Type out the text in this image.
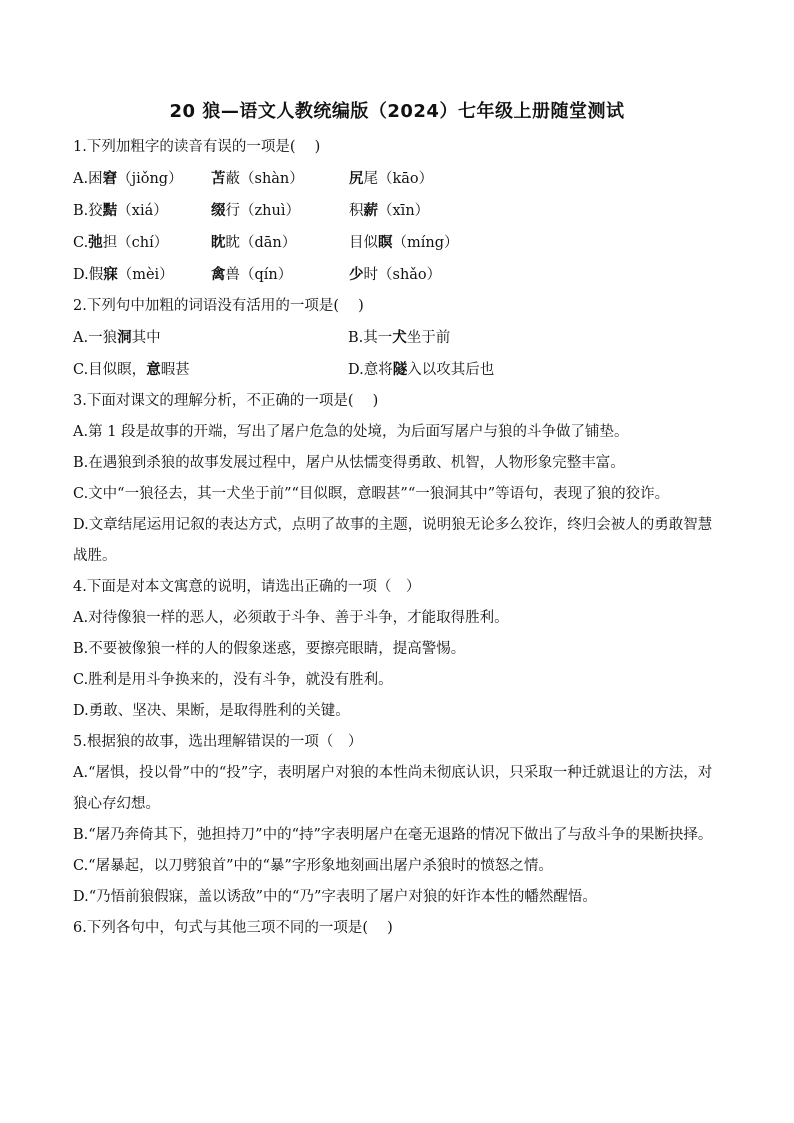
20 狼—语文人教统编版（2024）七年级上册随堂测试
1.下列加粗字的读音有误的一项是(　 )
A.困窘（jiǒng）	苫蔽（shàn）	尻尾（kāo）
B.狡黠（xiá）	缀行（zhuì）	积薪（xīn）
C.弛担（chí）	眈眈（dān）	目似瞑（míng）
D.假寐（mèi）	禽兽（qín）	少时（shǎo）
2.下列句中加粗的词语没有活用的一项是(　 )
A.一狼洞其中	B.其一犬坐于前
C.目似瞑，意暇甚	D.意将隧入以攻其后也
3.下面对课文的理解分析，不正确的一项是(　 )
A.第 1 段是故事的开端，写出了屠户危急的处境，为后面写屠户与狼的斗争做了铺垫。
B.在遇狼到杀狼的故事发展过程中，屠户从怯懦变得勇敢、机智，人物形象完整丰富。
C.文中“一狼径去，其一犬坐于前”“目似瞑，意暇甚”“一狼洞其中”等语句，表现了狼的狡诈。
D.文章结尾运用记叙的表达方式，点明了故事的主题，说明狼无论多么狡诈，终归会被人的勇敢智慧战胜。
4.下面是对本文寓意的说明，请选出正确的一项（　）
A.对待像狼一样的恶人，必须敢于斗争、善于斗争，才能取得胜利。
B.不要被像狼一样的人的假象迷惑，要擦亮眼睛，提高警惕。
C.胜利是用斗争换来的，没有斗争，就没有胜利。
D.勇敢、坚决、果断，是取得胜利的关键。
5.根据狼的故事，选出理解错误的一项（　）
A.“屠惧，投以骨”中的“投”字，表明屠户对狼的本性尚未彻底认识，只采取一种迁就退让的方法，对狼心存幻想。
B.“屠乃奔倚其下，弛担持刀”中的“持”字表明屠户在毫无退路的情况下做出了与敌斗争的果断抉择。
C.“屠暴起，以刀劈狼首”中的“暴”字形象地刻画出屠户杀狼时的愤怒之情。
D.“乃悟前狼假寐，盖以诱敌”中的“乃”字表明了屠户对狼的奸诈本性的幡然醒悟。
6.下列各句中，句式与其他三项不同的一项是(　 )
